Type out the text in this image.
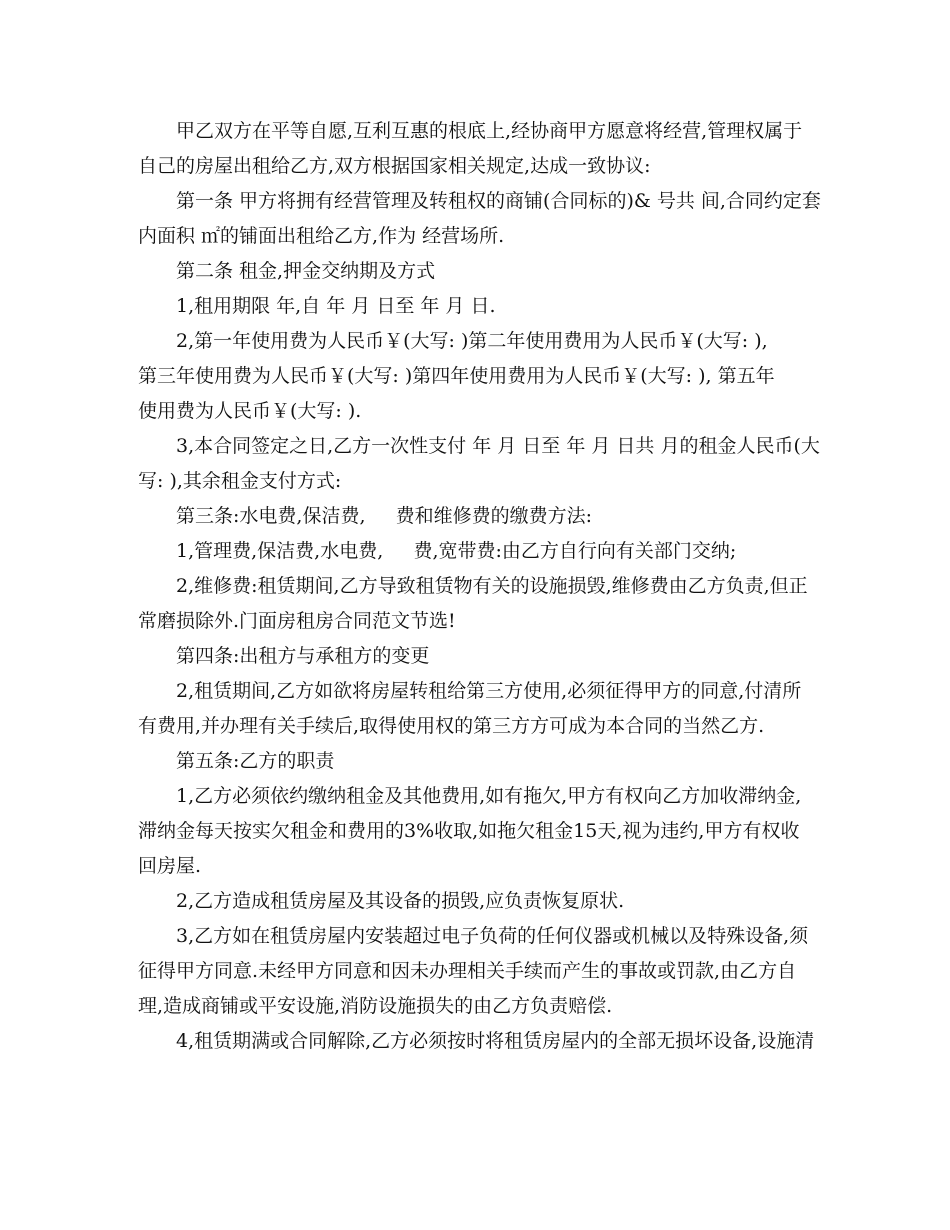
甲乙双方在平等自愿,互利互惠的根底上,经协商甲方愿意将经营,管理权属于
自己的房屋出租给乙方,双方根据国家相关规定,达成一致协议:
第一条 甲方将拥有经营管理及转租权的商铺(合同标的)& 号共 间,合同约定套
内面积 ㎡的铺面出租给乙方,作为 经营场所.
第二条 租金,押金交纳期及方式
1,租用期限 年,自 年 月 日至 年 月 日.
2,第一年使用费为人民币￥(大写: )第二年使用费用为人民币￥(大写: ),
第三年使用费为人民币￥(大写: )第四年使用费用为人民币￥(大写: ), 第五年
使用费为人民币￥(大写: ).
3,本合同签定之日,乙方一次性支付 年 月 日至 年 月 日共 月的租金人民币(大
写: ),其余租金支付方式:
第三条:水电费,保洁费,     费和维修费的缴费方法:
1,管理费,保洁费,水电费,     费,宽带费:由乙方自行向有关部门交纳;
2,维修费:租赁期间,乙方导致租赁物有关的设施损毁,维修费由乙方负责,但正
常磨损除外.门面房租房合同范文节选!
第四条:出租方与承租方的变更
2,租赁期间,乙方如欲将房屋转租给第三方使用,必须征得甲方的同意,付清所
有费用,并办理有关手续后,取得使用权的第三方方可成为本合同的当然乙方.
第五条:乙方的职责
1,乙方必须依约缴纳租金及其他费用,如有拖欠,甲方有权向乙方加收滞纳金,
滞纳金每天按实欠租金和费用的3%收取,如拖欠租金15天,视为违约,甲方有权收
回房屋.
2,乙方造成租赁房屋及其设备的损毁,应负责恢复原状.
3,乙方如在租赁房屋内安装超过电子负荷的任何仪器或机械以及特殊设备,须
征得甲方同意.未经甲方同意和因未办理相关手续而产生的事故或罚款,由乙方自
理,造成商铺或平安设施,消防设施损失的由乙方负责赔偿.
4,租赁期满或合同解除,乙方必须按时将租赁房屋内的全部无损坏设备,设施清
